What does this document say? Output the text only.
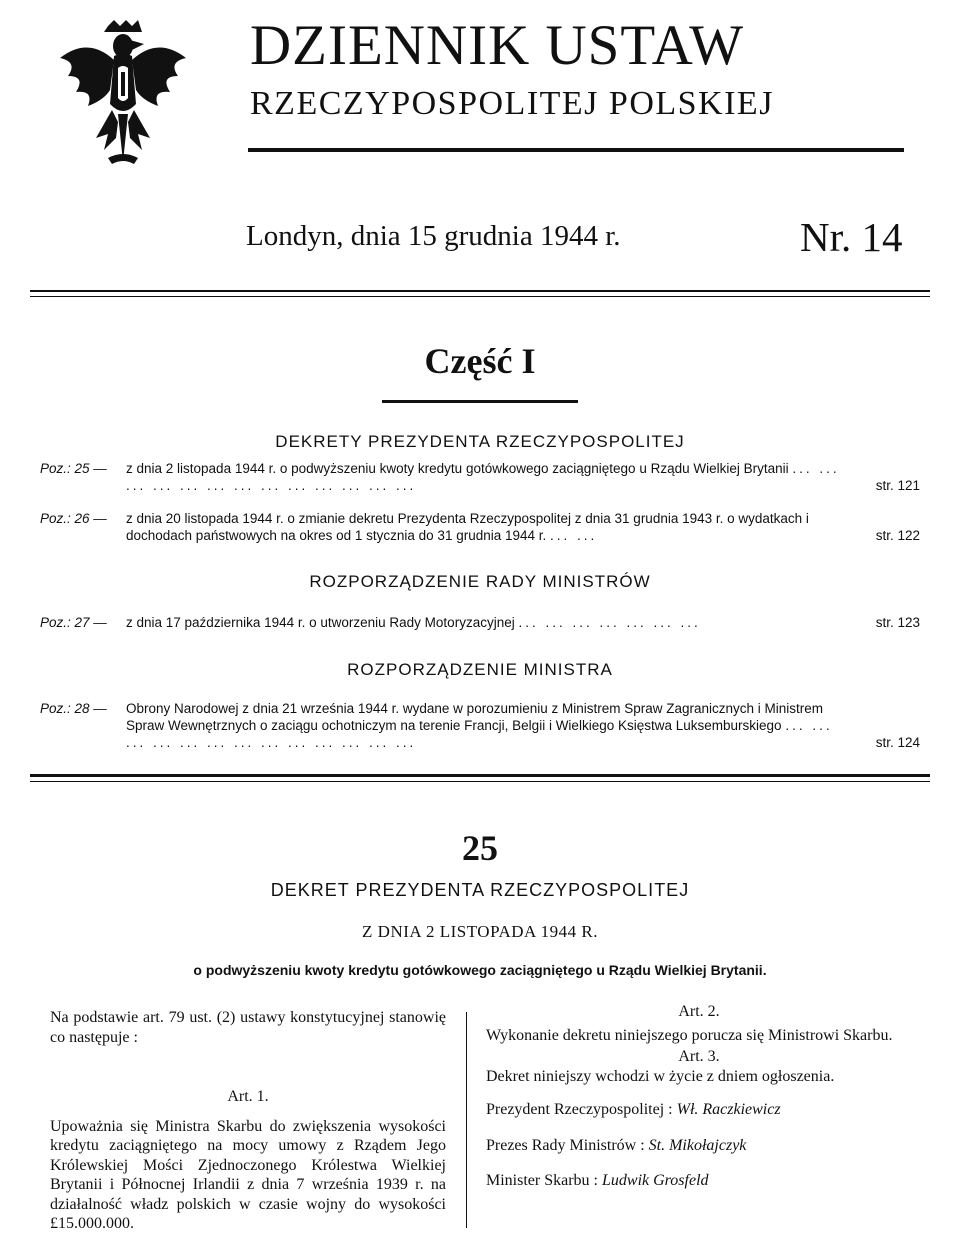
DZIENNIK USTAW
RZECZYPOSPOLITEJ POLSKIEJ
Londyn, dnia 15 grudnia 1944 r.	Nr. 14
Część I
DEKRETY PREZYDENTA RZECZYPOSPOLITEJ
Poz.: 25 — z dnia 2 listopada 1944 r. o podwyższeniu kwoty kredytu gotówkowego zaciągniętego u Rządu Wielkiej Brytanii ... ... ... ... ... ... ... ... ... ... ... ... ...	str. 121
Poz.: 26 — z dnia 20 listopada 1944 r. o zmianie dekretu Prezydenta Rzeczypospolitej z dnia 31 grudnia 1943 r. o wydatkach i dochodach państwowych na okres od 1 stycznia do 31 grudnia 1944 r. ... ...	str. 122
ROZPORZĄDZENIE RADY MINISTRÓW
Poz.: 27 — z dnia 17 października 1944 r. o utworzeniu Rady Motoryzacyjnej ... ... ... ... ... ... ...	str. 123
ROZPORZĄDZENIE MINISTRA
Poz.: 28 — Obrony Narodowej z dnia 21 września 1944 r. wydane w porozumieniu z Ministrem Spraw Zagranicznych i Ministrem Spraw Wewnętrznych o zaciągu ochotniczym na terenie Francji, Belgii i Wielkiego Księstwa Luksemburskiego ... ... ... ... ... ... ... ... ... ... ... ... ...	str. 124
25
DEKRET PREZYDENTA RZECZYPOSPOLITEJ
Z DNIA 2 LISTOPADA 1944 R.
o podwyższeniu kwoty kredytu gotówkowego zaciągniętego u Rządu Wielkiej Brytanii.
Na podstawie art. 79 ust. (2) ustawy konstytucyjnej stanowię co następuje :
Art. 1.
Upoważnia się Ministra Skarbu do zwiększenia wysokości kredytu zaciągniętego na mocy umowy z Rządem Jego Królewskiej Mości Zjednoczonego Królestwa Wielkiej Brytanii i Północnej Irlandii z dnia 7 września 1939 r. na działalność władz polskich w czasie wojny do wysokości £15.000.000.
Art. 2.
Wykonanie dekretu niniejszego porucza się Ministrowi Skarbu.
Art. 3.
Dekret niniejszy wchodzi w życie z dniem ogłoszenia.

Prezydent Rzeczypospolitej : Wł. Raczkiewicz

Prezes Rady Ministrów : St. Mikołajczyk

Minister Skarbu : Ludwik Grosfeld
